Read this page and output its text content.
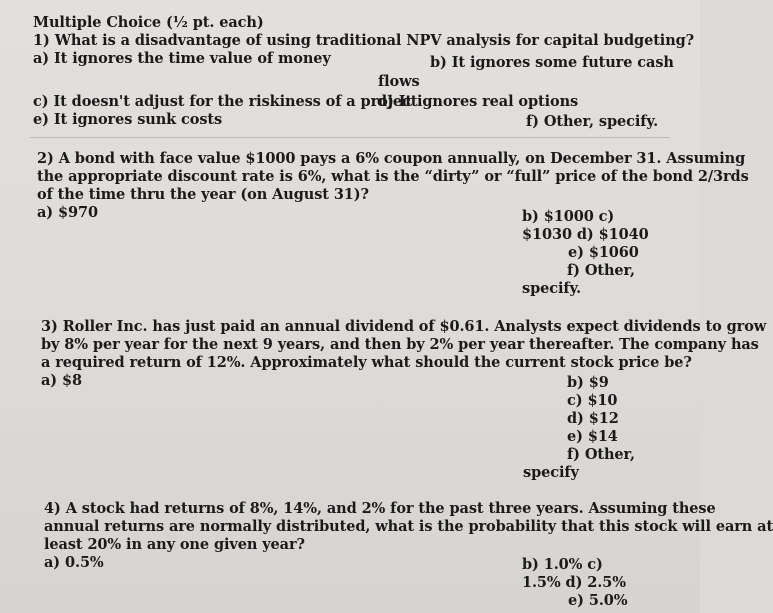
Multiple Choice (½ pt. each)
1) What is a disadvantage of using traditional NPV analysis for capital budgeting?
a) It ignores the time value of money	b) It ignores some future cash
flows
c) It doesn't adjust for the riskiness of a project
d) It ignores real options
e) It ignores sunk costs	f) Other, specify.
2) A bond with face value $1000 pays a 6% coupon annually, on December 31. Assuming
the appropriate discount rate is 6%, what is the “dirty” or “full” price of the bond 2/3rds
of the time thru the year (on August 31)?
a) $970	b) $1000 c)
$1030 d) $1040
e) $1060
f) Other,
specify.
3) Roller Inc. has just paid an annual dividend of $0.61. Analysts expect dividends to grow
by 8% per year for the next 9 years, and then by 2% per year thereafter. The company has
a required return of 12%. Approximately what should the current stock price be?
a) $8	b) $9
c) $10
d) $12
e) $14
f) Other,
specify
4) A stock had returns of 8%, 14%, and 2% for the past three years. Assuming these
annual returns are normally distributed, what is the probability that this stock will earn at
least 20% in any one given year?
a) 0.5%	b) 1.0% c)
1.5% d) 2.5%
e) 5.0%
